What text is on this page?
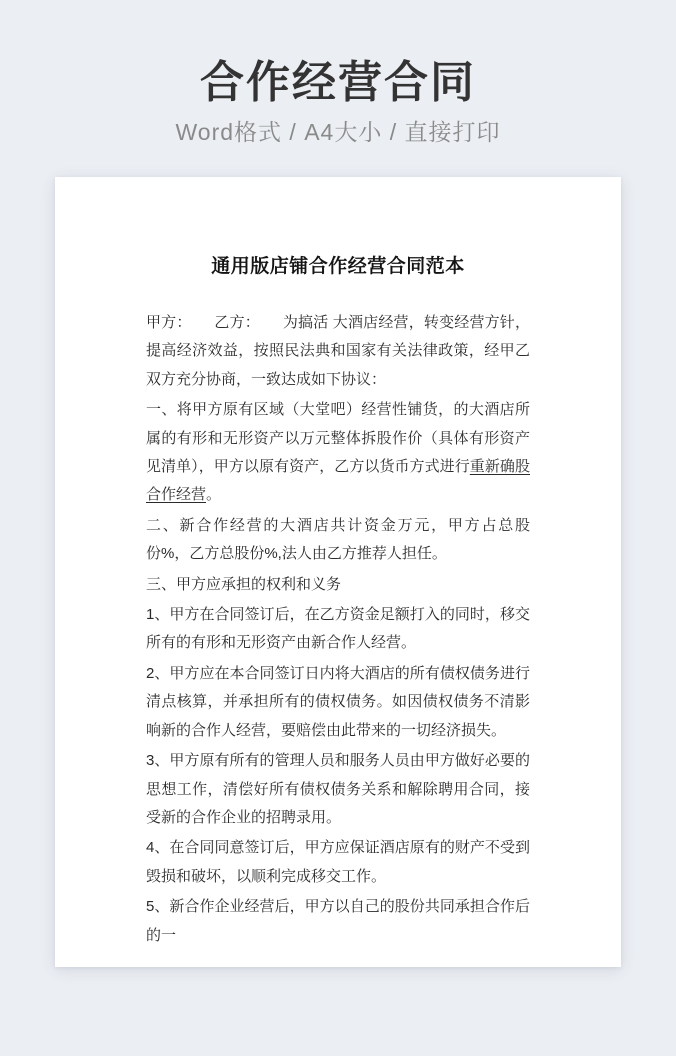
合作经营合同
Word格式 / A4大小 / 直接打印
通用版店铺合作经营合同范本

甲方：　　乙方：　　为搞活 大酒店经营，转变经营方针，提高经济效益，按照民法典和国家有关法律政策，经甲乙双方充分协商，一致达成如下协议：

一、将甲方原有区域（大堂吧）经营性铺货，的大酒店所属的有形和无形资产以万元整体拆股作价（具体有形资产见清单），甲方以原有资产，乙方以货币方式进行重新确股合作经营。

二、新合作经营的大酒店共计资金万元，甲方占总股份%，乙方总股份%,法人由乙方推荐人担任。

三、甲方应承担的权利和义务

1、甲方在合同签订后，在乙方资金足额打入的同时，移交所有的有形和无形资产由新合作人经营。

2、甲方应在本合同签订日内将大酒店的所有债权债务进行清点核算，并承担所有的债权债务。如因债权债务不清影响新的合作人经营，要赔偿由此带来的一切经济损失。

3、甲方原有所有的管理人员和服务人员由甲方做好必要的思想工作，清偿好所有债权债务关系和解除聘用合同，接受新的合作企业的招聘录用。

4、在合同同意签订后，甲方应保证酒店原有的财产不受到毁损和破坏，以顺利完成移交工作。

5、新合作企业经营后，甲方以自己的股份共同承担合作后的一
